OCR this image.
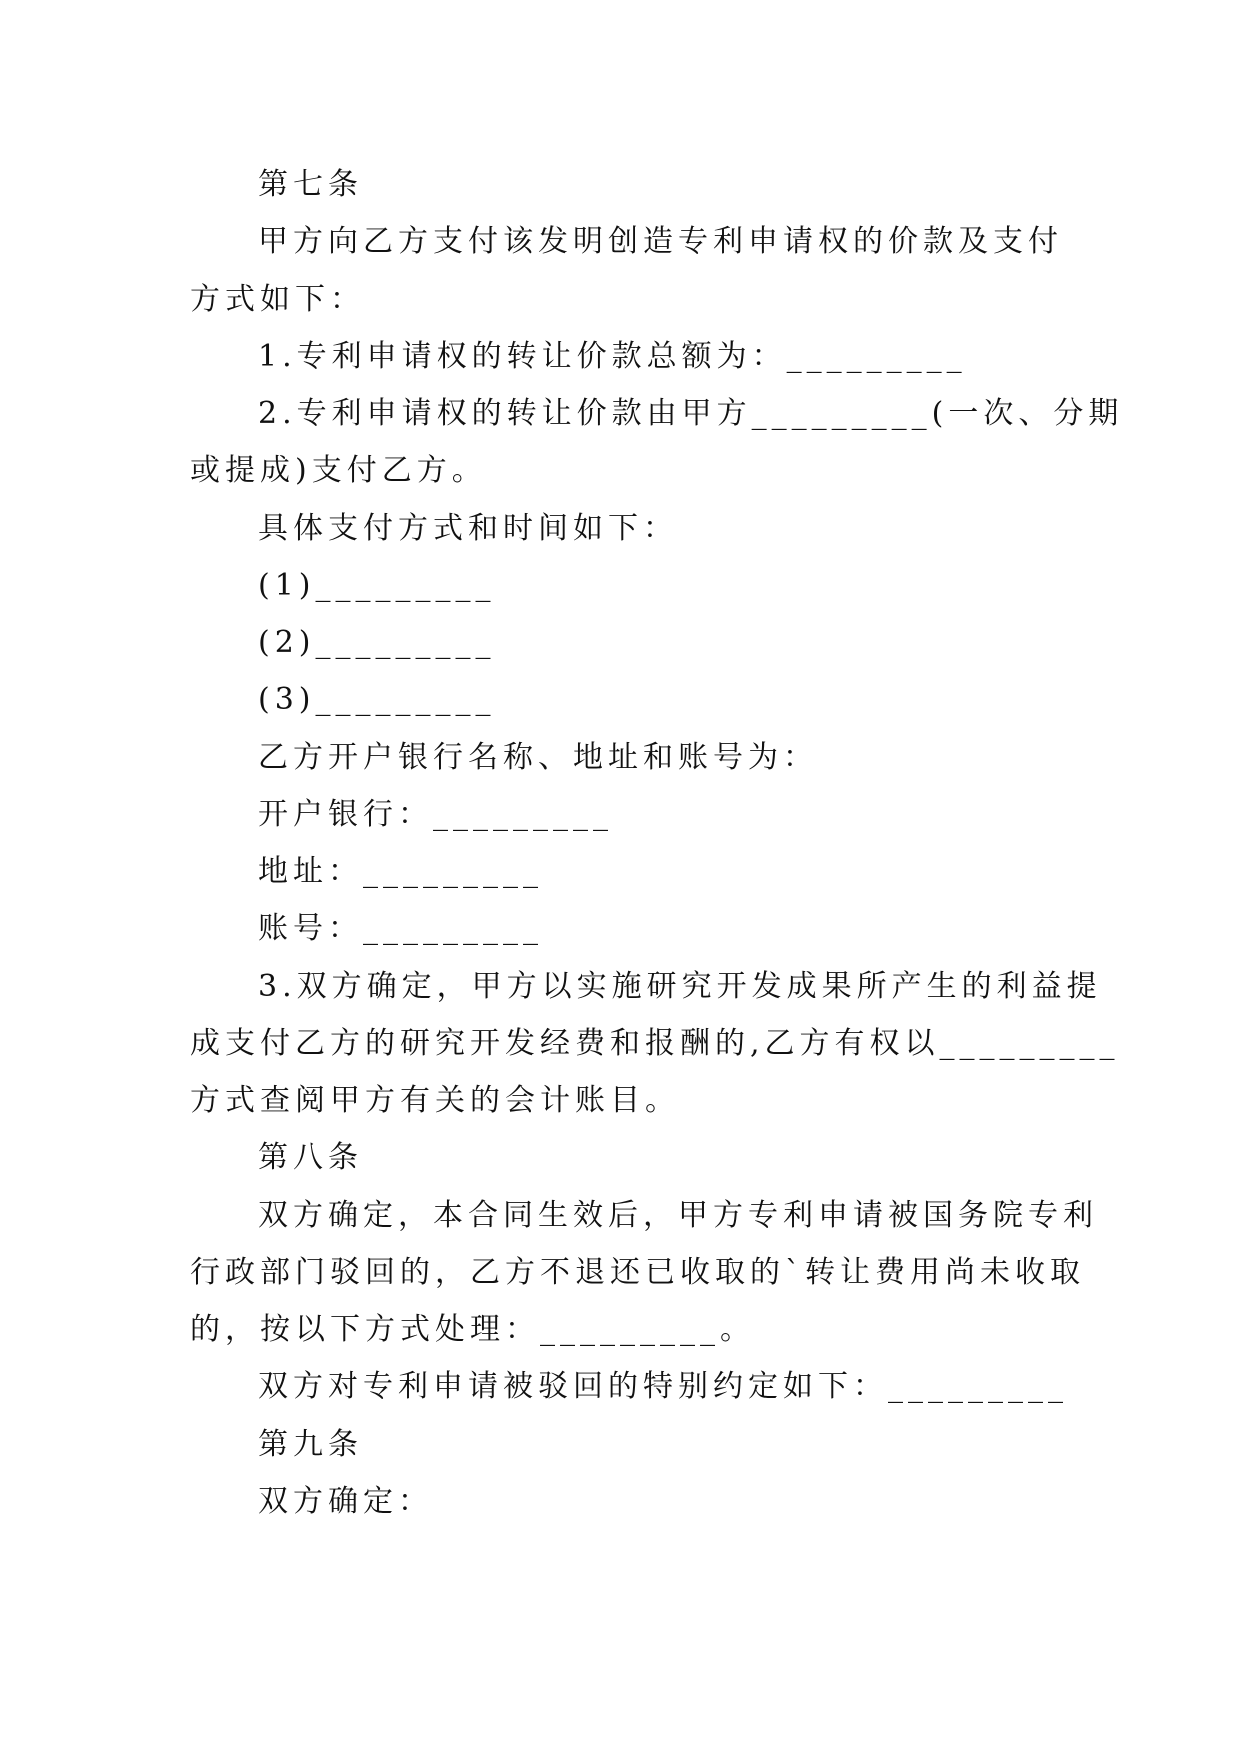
第七条
甲方向乙方支付该发明创造专利申请权的价款及支付
方式如下：
1.专利申请权的转让价款总额为：_________
2.专利申请权的转让价款由甲方_________(一次、分期
或提成)支付乙方。
具体支付方式和时间如下：
(1)_________
(2)_________
(3)_________
乙方开户银行名称、地址和账号为：
开户银行：_________
地址：_________
账号：_________
3.双方确定，甲方以实施研究开发成果所产生的利益提
成支付乙方的研究开发经费和报酬的,乙方有权以_________
方式查阅甲方有关的会计账目。
第八条
双方确定，本合同生效后，甲方专利申请被国务院专利
行政部门驳回的，乙方不退还已收取的`转让费用尚未收取
的，按以下方式处理：_________。
双方对专利申请被驳回的特别约定如下：_________
第九条
双方确定：
